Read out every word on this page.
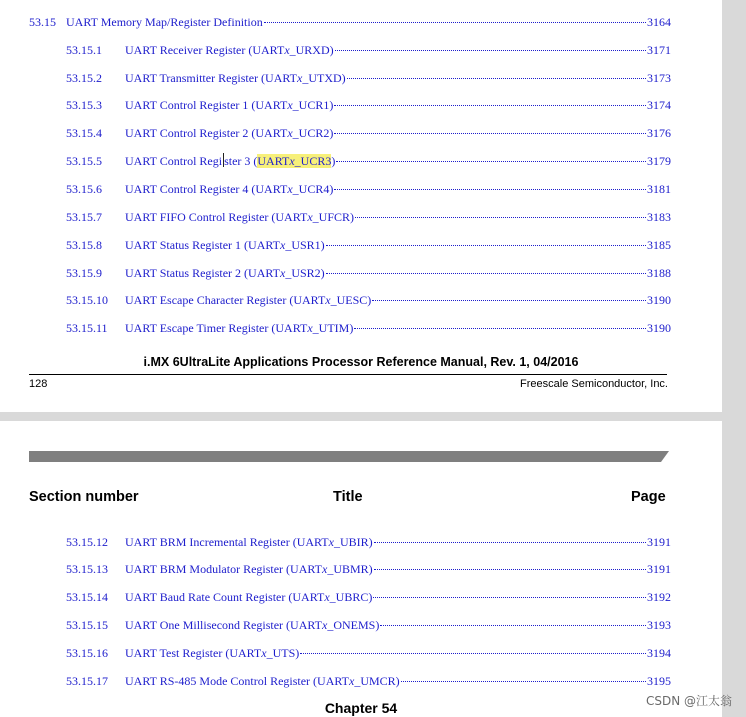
53.15 UART Memory Map/Register Definition	3164
53.15.1	UART Receiver Register (UARTx_URXD)	3171
53.15.2	UART Transmitter Register (UARTx_UTXD)	3173
53.15.3	UART Control Register 1 (UARTx_UCR1)	3174
53.15.4	UART Control Register 2 (UARTx_UCR2)	3176
53.15.5	UART Control Regi ster 3 (UARTx_UCR3)	3179
53.15.6	UART Control Register 4 (UARTx_UCR4)	3181
53.15.7	UART FIFO Control Register (UARTx_UFCR)	3183
53.15.8	UART Status Register 1 (UARTx_USR1)	3185
53.15.9	UART Status Register 2 (UARTx_USR2)	3188
53.15.10	UART Escape Character Register (UARTx_UESC)	3190
53.15.11	UART Escape Timer Register (UARTx_UTIM)	3190
i.MX 6UltraLite Applications Processor Reference Manual, Rev. 1, 04/2016
128	Freescale Semiconductor, Inc.
Section number	Title	Page
53.15.12	UART BRM Incremental Register (UARTx_UBIR)	3191
53.15.13	UART BRM Modulator Register (UARTx_UBMR)	3191
53.15.14	UART Baud Rate Count Register (UARTx_UBRC)	3192
53.15.15	UART One Millisecond Register (UARTx_ONEMS)	3193
53.15.16	UART Test Register (UARTx_UTS)	3194
53.15.17	UART RS-485 Mode Control Register (UARTx_UMCR)	3195
Chapter 54	CSDN @江太翁
